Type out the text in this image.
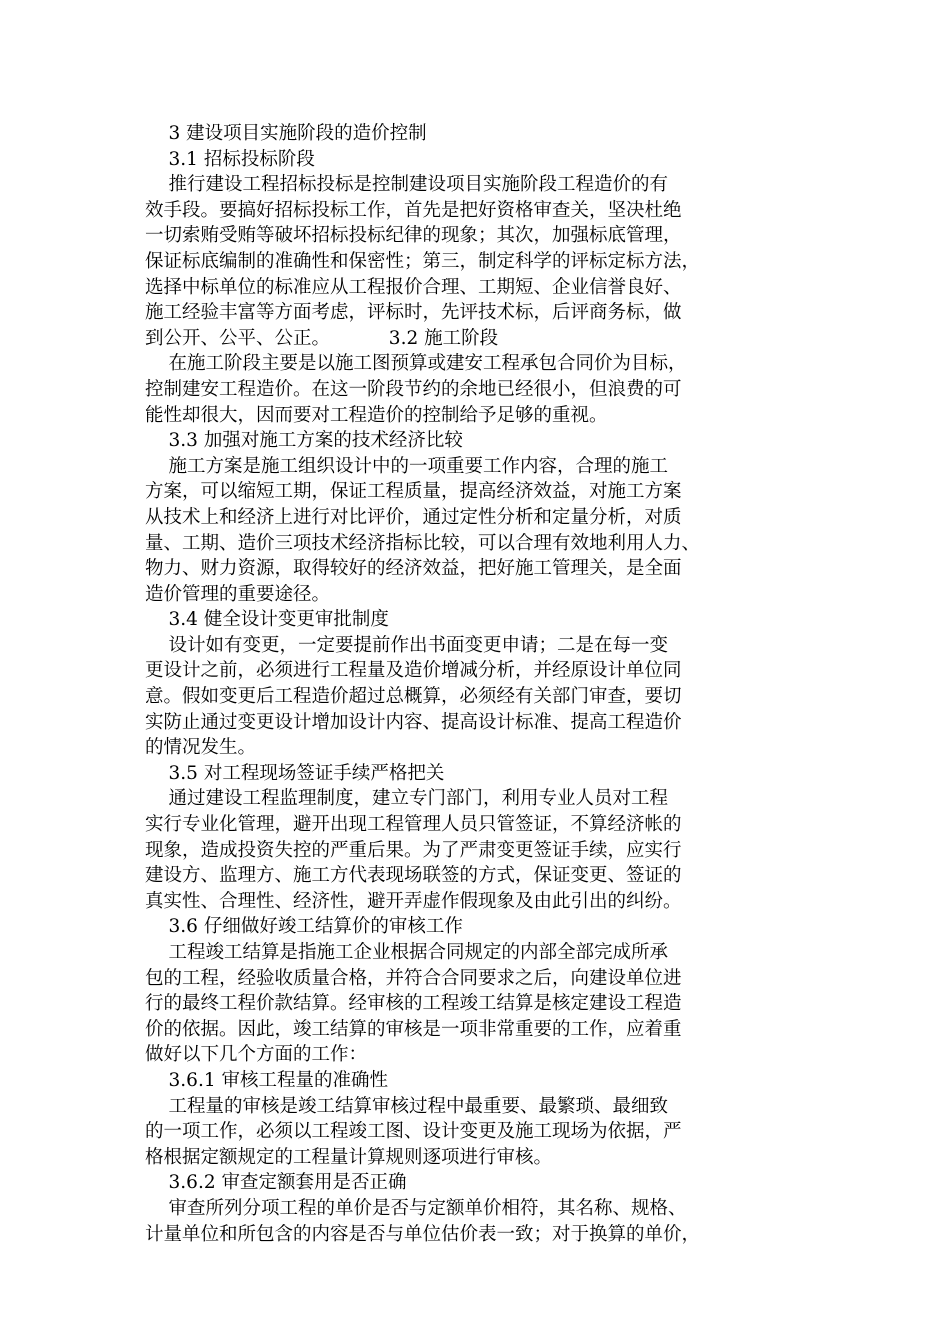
3 建设项目实施阶段的造价控制
3.1 招标投标阶段
推行建设工程招标投标是控制建设项目实施阶段工程造价的有
效手段。要搞好招标投标工作，首先是把好资格审查关，坚决杜绝
一切索贿受贿等破坏招标投标纪律的现象；其次，加强标底管理，
保证标底编制的准确性和保密性；第三，制定科学的评标定标方法，
选择中标单位的标准应从工程报价合理、工期短、企业信誉良好、
施工经验丰富等方面考虑，评标时，先评技术标，后评商务标，做
到公开、公平、公正。          3.2 施工阶段
在施工阶段主要是以施工图预算或建安工程承包合同价为目标，
控制建安工程造价。在这一阶段节约的余地已经很小，但浪费的可
能性却很大，因而要对工程造价的控制给予足够的重视。
3.3 加强对施工方案的技术经济比较
施工方案是施工组织设计中的一项重要工作内容，合理的施工
方案，可以缩短工期，保证工程质量，提高经济效益，对施工方案
从技术上和经济上进行对比评价，通过定性分析和定量分析，对质
量、工期、造价三项技术经济指标比较，可以合理有效地利用人力、
物力、财力资源，取得较好的经济效益，把好施工管理关，是全面
造价管理的重要途径。
3.4 健全设计变更审批制度
设计如有变更，一定要提前作出书面变更申请；二是在每一变
更设计之前，必须进行工程量及造价增减分析，并经原设计单位同
意。假如变更后工程造价超过总概算，必须经有关部门审查，要切
实防止通过变更设计增加设计内容、提高设计标准、提高工程造价
的情况发生。
3.5 对工程现场签证手续严格把关
通过建设工程监理制度，建立专门部门，利用专业人员对工程
实行专业化管理，避开出现工程管理人员只管签证，不算经济帐的
现象，造成投资失控的严重后果。为了严肃变更签证手续，应实行
建设方、监理方、施工方代表现场联签的方式，保证变更、签证的
真实性、合理性、经济性，避开弄虚作假现象及由此引出的纠纷。
3.6 仔细做好竣工结算价的审核工作
工程竣工结算是指施工企业根据合同规定的内部全部完成所承
包的工程，经验收质量合格，并符合合同要求之后，向建设单位进
行的最终工程价款结算。经审核的工程竣工结算是核定建设工程造
价的依据。因此，竣工结算的审核是一项非常重要的工作，应着重
做好以下几个方面的工作：
3.6.1 审核工程量的准确性
工程量的审核是竣工结算审核过程中最重要、最繁琐、最细致
的一项工作，必须以工程竣工图、设计变更及施工现场为依据，严
格根据定额规定的工程量计算规则逐项进行审核。
3.6.2 审查定额套用是否正确
审查所列分项工程的单价是否与定额单价相符，其名称、规格、
计量单位和所包含的内容是否与单位估价表一致；对于换算的单价，
